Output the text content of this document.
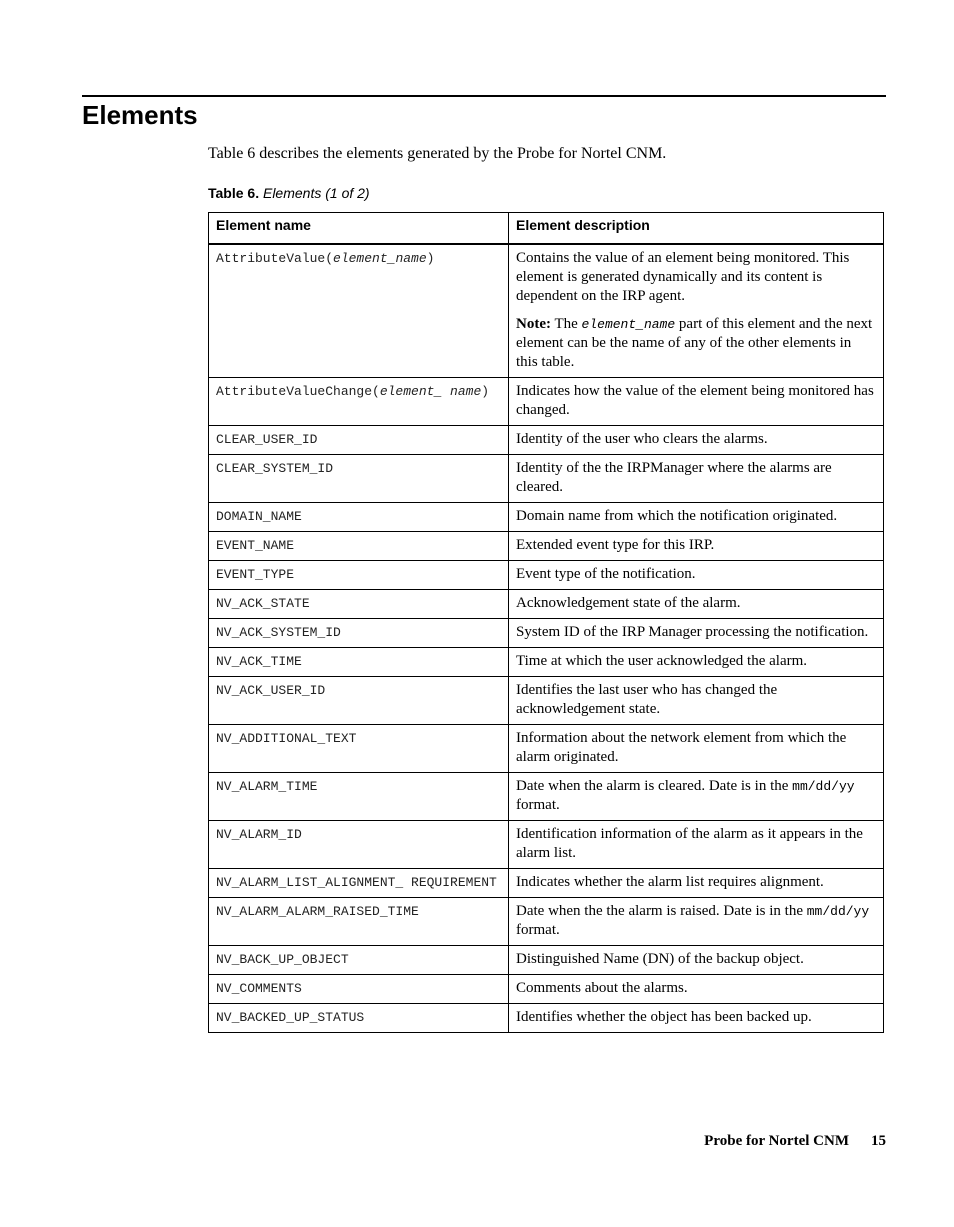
Elements

Table 6 describes the elements generated by the Probe for Nortel CNM.

Table 6. Elements (1 of 2)

Element name	Element description
AttributeValue(element_name)	Contains the value of an element being monitored. This element is generated dynamically and its content is dependent on the IRP agent.
Note: The element_name part of this element and the next element can be the name of any of the other elements in this table.

AttributeValueChange(element_ name)	Indicates how the value of the element being monitored has changed.
CLEAR_USER_ID	Identity of the user who clears the alarms.
CLEAR_SYSTEM_ID	Identity of the the IRPManager where the alarms are cleared.
DOMAIN_NAME	Domain name from which the notification originated.
EVENT_NAME	Extended event type for this IRP.
EVENT_TYPE	Event type of the notification.
NV_ACK_STATE	Acknowledgement state of the alarm.
NV_ACK_SYSTEM_ID	System ID of the IRP Manager processing the notification.
NV_ACK_TIME	Time at which the user acknowledged the alarm.
NV_ACK_USER_ID	Identifies the last user who has changed the acknowledgement state.
NV_ADDITIONAL_TEXT	Information about the network element from which the alarm originated.
NV_ALARM_TIME	Date when the alarm is cleared. Date is in the mm/dd/yy format.
NV_ALARM_ID	Identification information of the alarm as it appears in the alarm list.
NV_ALARM_LIST_ALIGNMENT_ REQUIREMENT	Indicates whether the alarm list requires alignment.
NV_ALARM_ALARM_RAISED_TIME	Date when the the alarm is raised. Date is in the mm/dd/yy format.
NV_BACK_UP_OBJECT	Distinguished Name (DN) of the backup object.
NV_COMMENTS	Comments about the alarms.
NV_BACKED_UP_STATUS	Identifies whether the object has been backed up.
Probe for Nortel CNM 15
